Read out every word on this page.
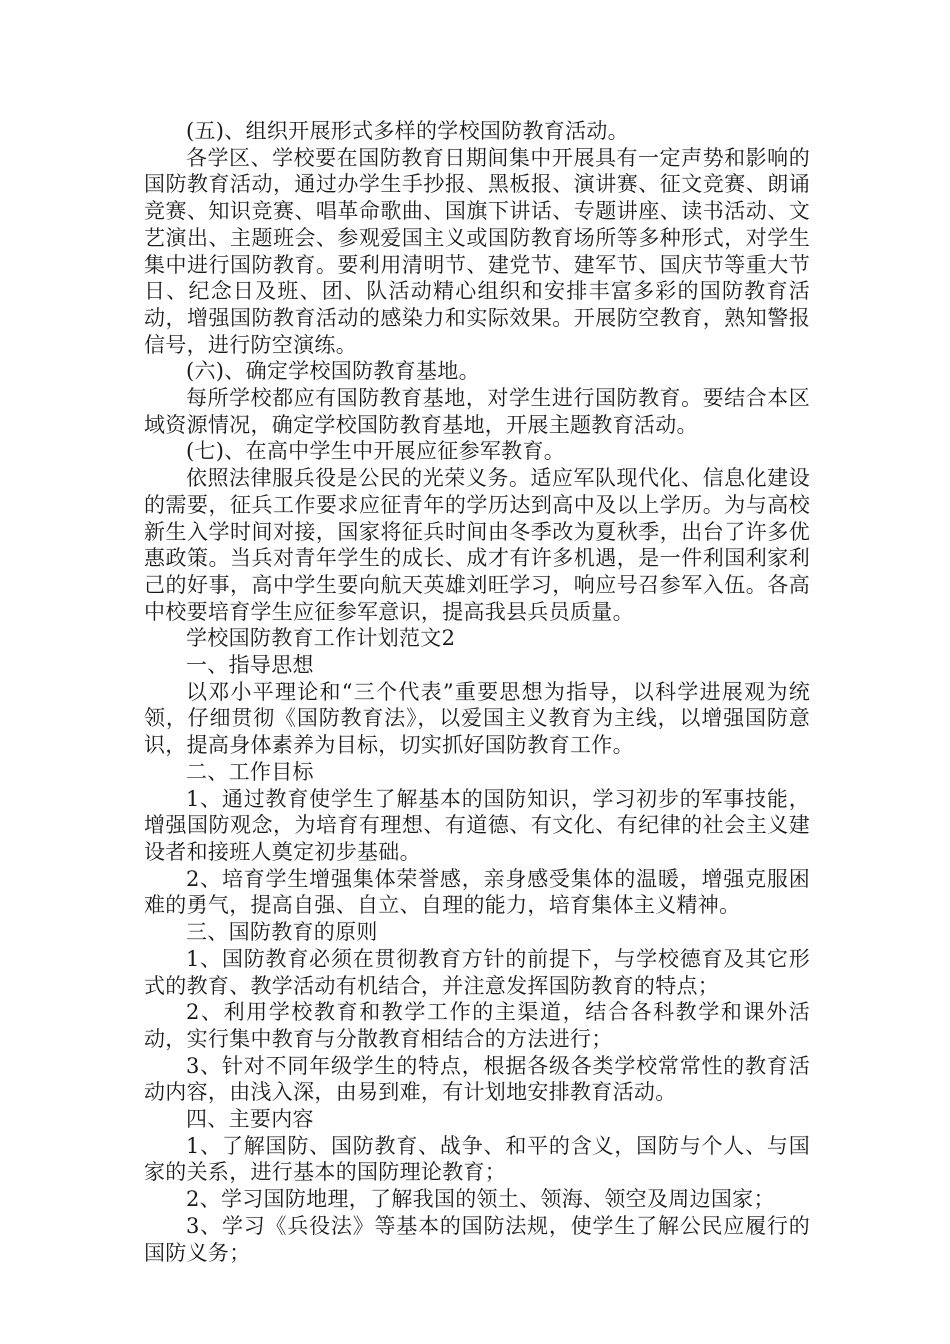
(五)、组织开展形式多样的学校国防教育活动。

各学区、学校要在国防教育日期间集中开展具有一定声势和影响的国防教育活动，通过办学生手抄报、黑板报、演讲赛、征文竞赛、朗诵竞赛、知识竞赛、唱革命歌曲、国旗下讲话、专题讲座、读书活动、文艺演出、主题班会、参观爱国主义或国防教育场所等多种形式，对学生集中进行国防教育。要利用清明节、建党节、建军节、国庆节等重大节日、纪念日及班、团、队活动精心组织和安排丰富多彩的国防教育活动，增强国防教育活动的感染力和实际效果。开展防空教育，熟知警报信号，进行防空演练。

(六)、确定学校国防教育基地。

每所学校都应有国防教育基地，对学生进行国防教育。要结合本区域资源情况，确定学校国防教育基地，开展主题教育活动。

(七)、在高中学生中开展应征参军教育。

依照法律服兵役是公民的光荣义务。适应军队现代化、信息化建设的需要，征兵工作要求应征青年的学历达到高中及以上学历。为与高校新生入学时间对接，国家将征兵时间由冬季改为夏秋季，出台了许多优惠政策。当兵对青年学生的成长、成才有许多机遇，是一件利国利家利己的好事，高中学生要向航天英雄刘旺学习，响应号召参军入伍。各高中校要培育学生应征参军意识，提高我县兵员质量。

学校国防教育工作计划范文2

一、指导思想

以邓小平理论和“三个代表”重要思想为指导，以科学进展观为统领，仔细贯彻《国防教育法》，以爱国主义教育为主线，以增强国防意识，提高身体素养为目标，切实抓好国防教育工作。

二、工作目标

1、通过教育使学生了解基本的国防知识，学习初步的军事技能，增强国防观念，为培育有理想、有道德、有文化、有纪律的社会主义建设者和接班人奠定初步基础。

2、培育学生增强集体荣誉感，亲身感受集体的温暖，增强克服困难的勇气，提高自强、自立、自理的能力，培育集体主义精神。

三、国防教育的原则

1、国防教育必须在贯彻教育方针的前提下，与学校德育及其它形式的教育、教学活动有机结合，并注意发挥国防教育的特点；

2、利用学校教育和教学工作的主渠道，结合各科教学和课外活动，实行集中教育与分散教育相结合的方法进行；

3、针对不同年级学生的特点，根据各级各类学校常常性的教育活动内容，由浅入深，由易到难，有计划地安排教育活动。

四、主要内容

1、了解国防、国防教育、战争、和平的含义，国防与个人、与国家的关系，进行基本的国防理论教育；

2、学习国防地理，了解我国的领土、领海、领空及周边国家；

3、学习《兵役法》等基本的国防法规，使学生了解公民应履行的国防义务；
